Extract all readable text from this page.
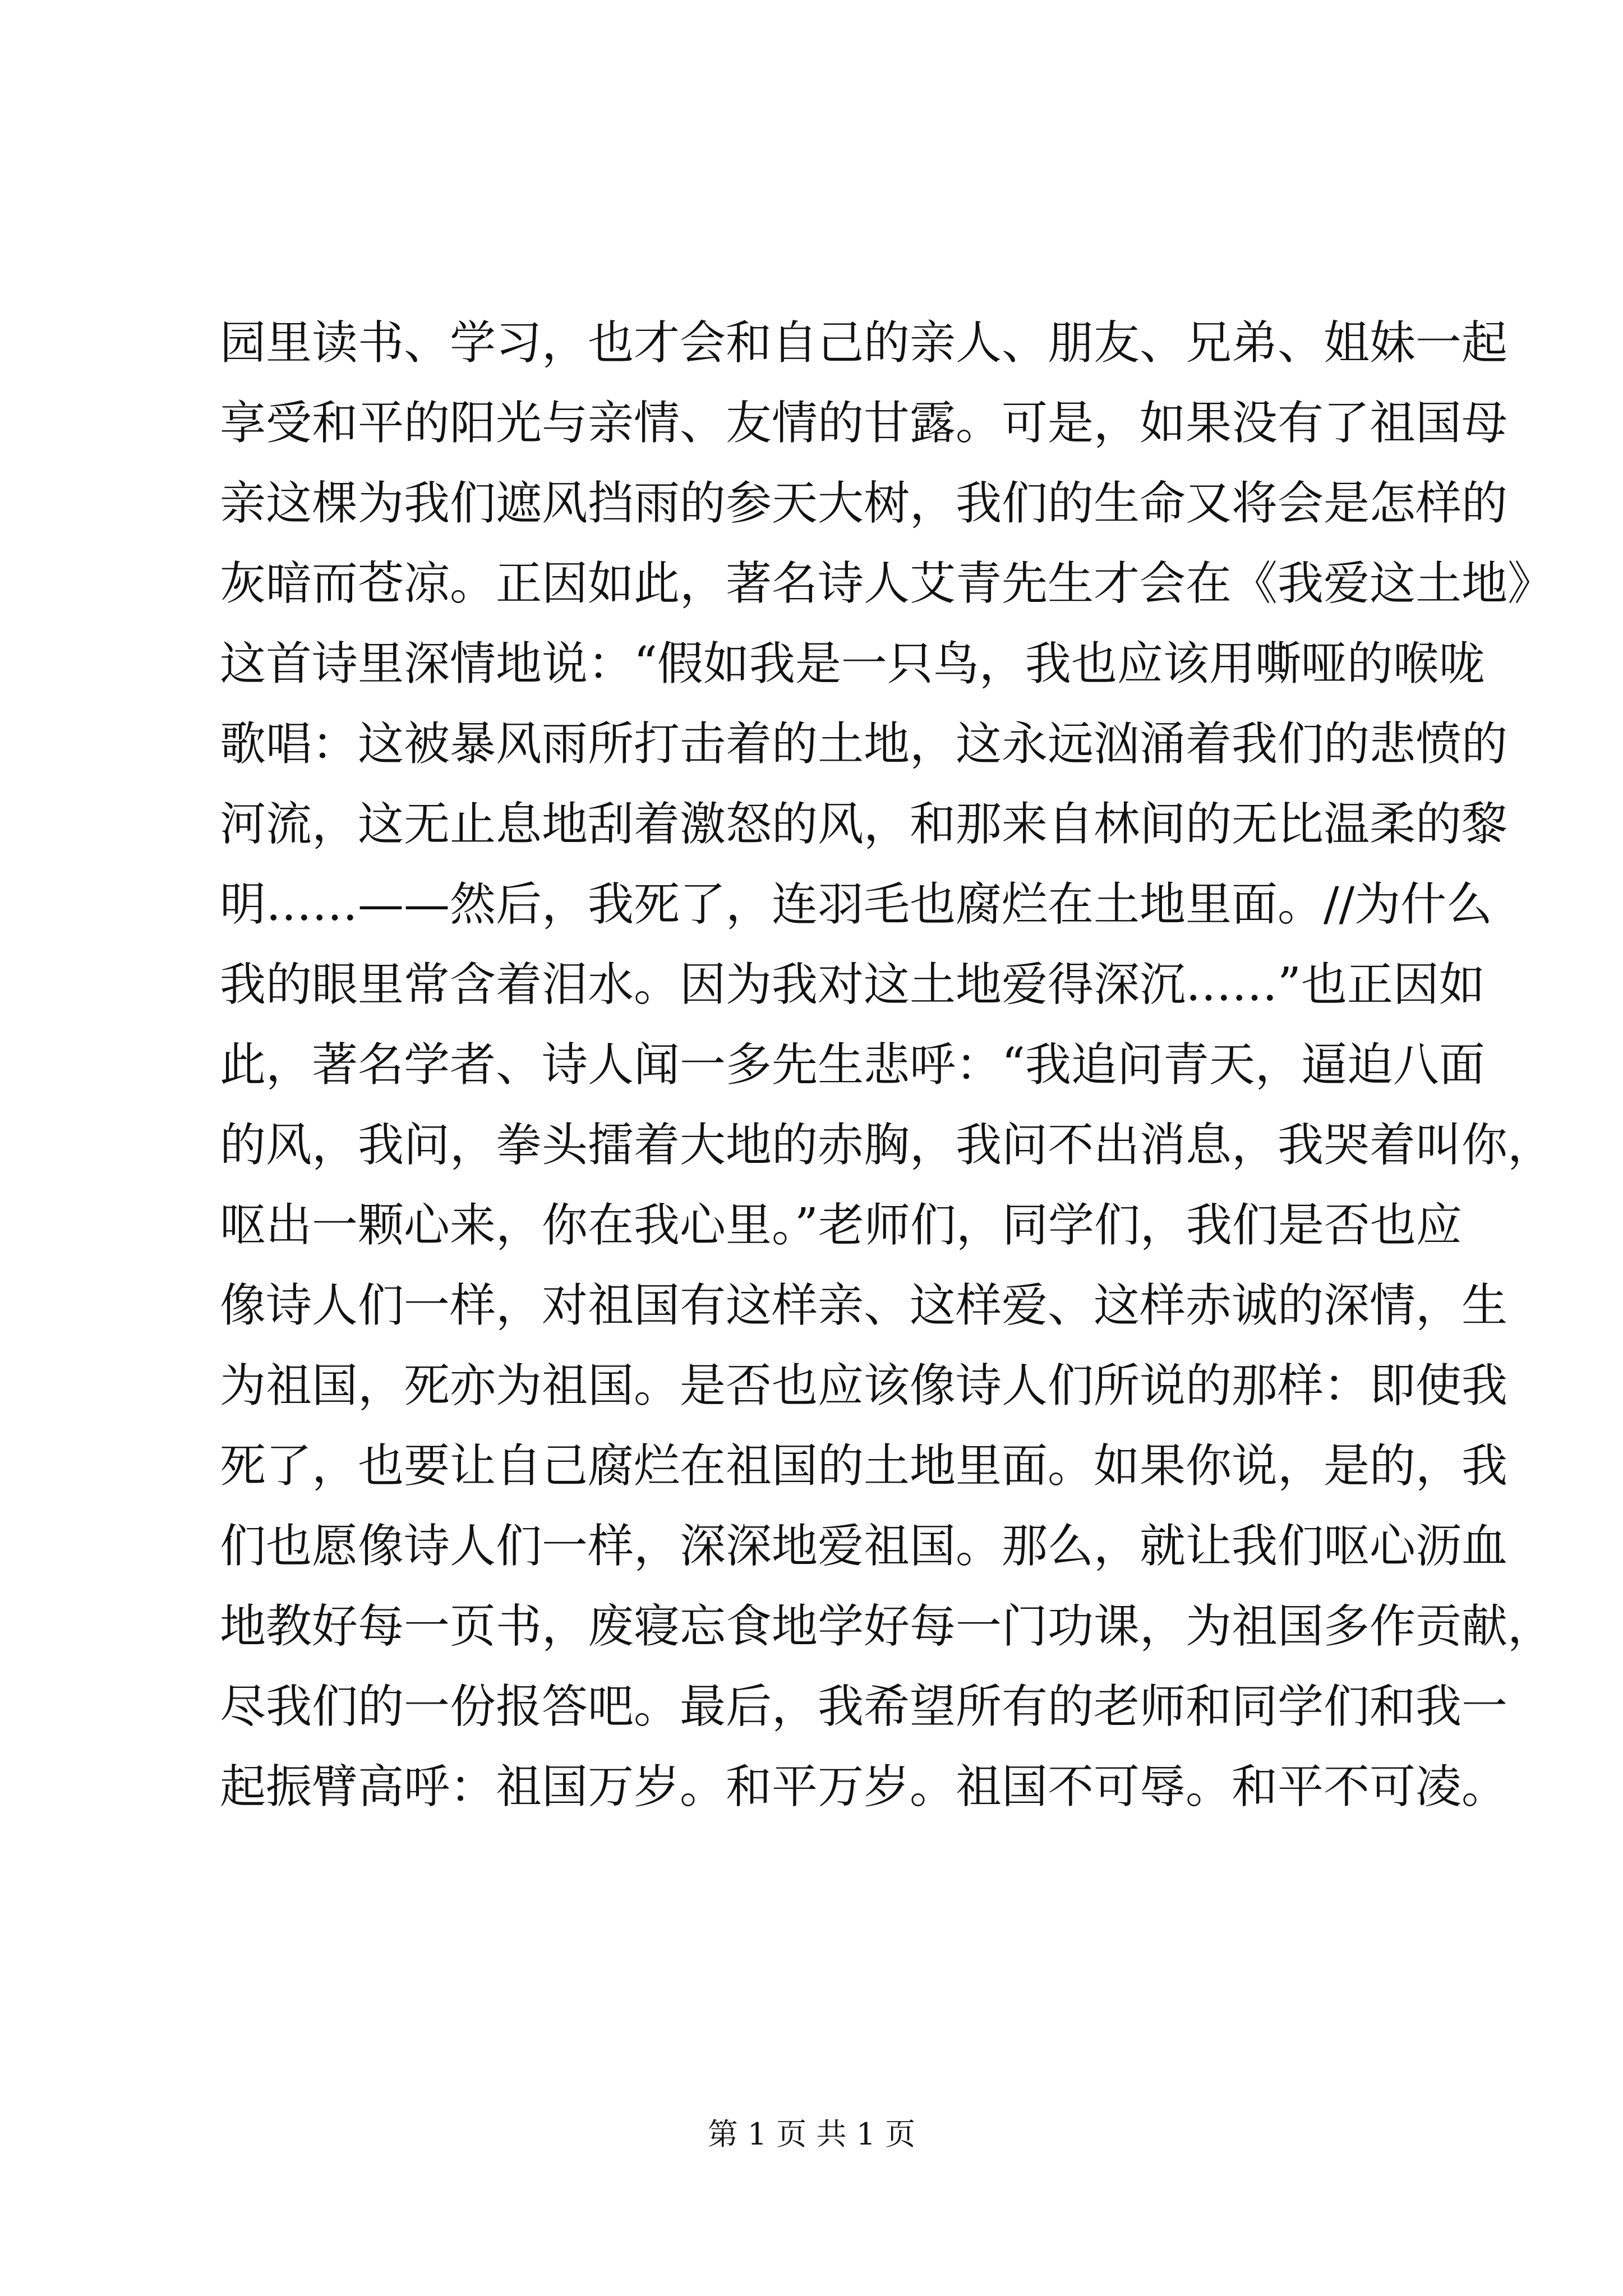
园里读书、学习，也才会和自己的亲人、朋友、兄弟、姐妹一起
享受和平的阳光与亲情、友情的甘露。可是，如果没有了祖国母
亲这棵为我们遮风挡雨的参天大树，我们的生命又将会是怎样的
灰暗而苍凉。正因如此，著名诗人艾青先生才会在《我爱这土地》
这首诗里深情地说：“假如我是一只鸟，我也应该用嘶哑的喉咙
歌唱：这被暴风雨所打击着的土地，这永远汹涌着我们的悲愤的
河流，这无止息地刮着激怒的风，和那来自林间的无比温柔的黎
明……——然后，我死了，连羽毛也腐烂在土地里面。//为什么
我的眼里常含着泪水。因为我对这土地爱得深沉……”也正因如
此，著名学者、诗人闻一多先生悲呼：“我追问青天，逼迫八面
的风，我问，拳头擂着大地的赤胸，我问不出消息，我哭着叫你，
呕出一颗心来，你在我心里。”老师们，同学们，我们是否也应
像诗人们一样，对祖国有这样亲、这样爱、这样赤诚的深情，生
为祖国，死亦为祖国。是否也应该像诗人们所说的那样：即使我
死了，也要让自己腐烂在祖国的土地里面。如果你说，是的，我
们也愿像诗人们一样，深深地爱祖国。那么，就让我们呕心沥血
地教好每一页书，废寝忘食地学好每一门功课，为祖国多作贡献，
尽我们的一份报答吧。最后，我希望所有的老师和同学们和我一
起振臂高呼：祖国万岁。和平万岁。祖国不可辱。和平不可凌。
第 1 页 共 1 页
